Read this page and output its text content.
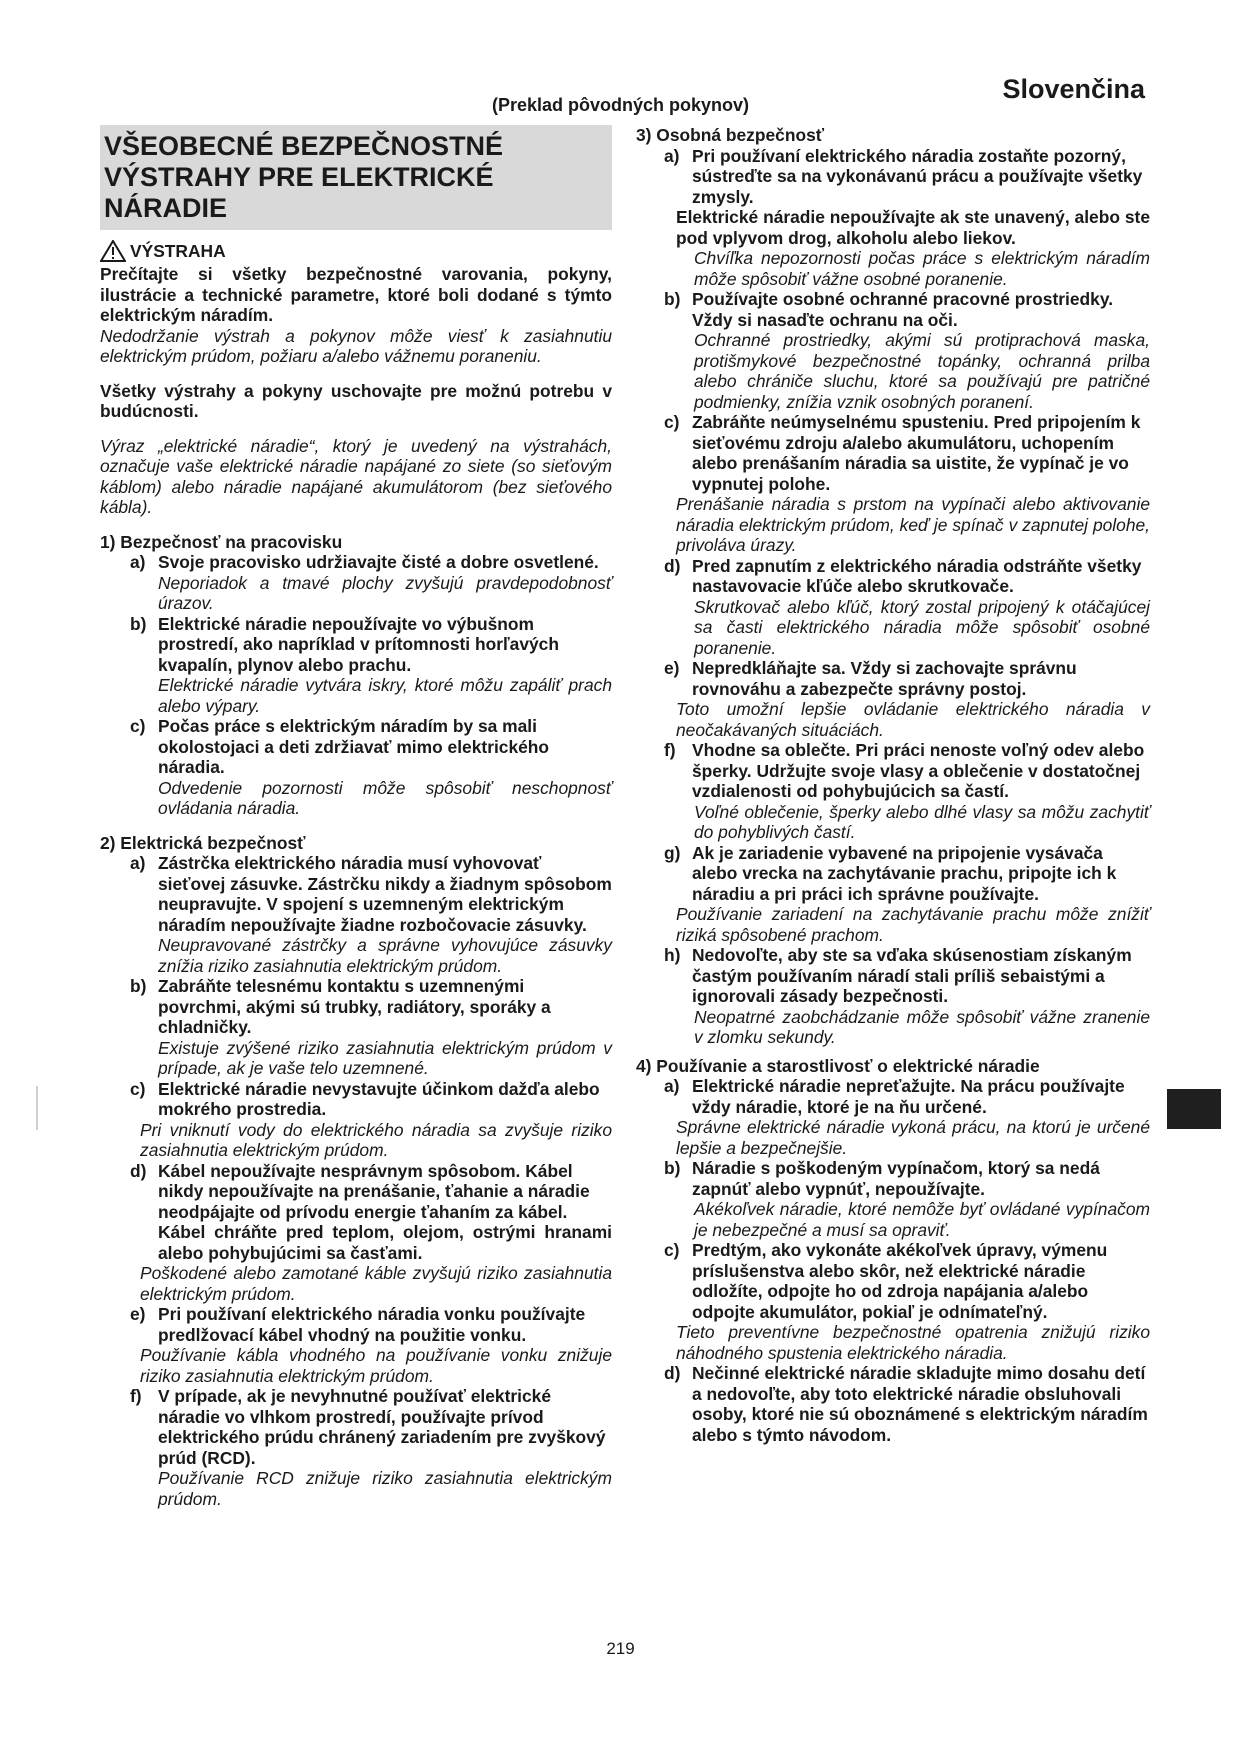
Slovenčina
(Preklad pôvodných pokynov)
VŠEOBECNÉ BEZPEČNOSTNÉ
VÝSTRAHY PRE ELEKTRICKÉ
NÁRADIE
VÝSTRAHA

Prečítajte si všetky bezpečnostné varovania, pokyny, ilustrácie a technické parametre, ktoré boli dodané s týmto elektrickým náradím.

Nedodržanie výstrah a pokynov môže viesť k zasiahnutiu elektrickým prúdom, požiaru a/alebo vážnemu poraneniu.

Všetky výstrahy a pokyny uschovajte pre možnú potrebu v budúcnosti.

Výraz „elektrické náradie“, ktorý je uvedený na výstrahách, označuje vaše elektrické náradie napájané zo siete (so sieťovým káblom) alebo náradie napájané akumulátorom (bez sieťového kábla).

1) Bezpečnosť na pracovisku
a) Svoje pracovisko udržiavajte čisté a dobre osvetlené.

Neporiadok a tmavé plochy zvyšujú pravdepodobnosť úrazov.

b) Elektrické náradie nepoužívajte vo výbušnom prostredí, ako napríklad v prítomnosti horľavých kvapalín, plynov alebo prachu.

Elektrické náradie vytvára iskry, ktoré môžu zapáliť prach alebo výpary.

c) Počas práce s elektrickým náradím by sa mali okolostojaci a deti zdržiavať mimo elektrického náradia.

Odvedenie pozornosti môže spôsobiť neschopnosť ovládania náradia.

2) Elektrická bezpečnosť
a) Zástrčka elektrického náradia musí vyhovovať sieťovej zásuvke. Zástrčku nikdy a žiadnym spôsobom neupravujte. V spojení s uzemneným elektrickým náradím nepoužívajte žiadne rozbočovacie zásuvky.

Neupravované zástrčky a správne vyhovujúce zásuvky znížia riziko zasiahnutia elektrickým prúdom.

b) Zabráňte telesnému kontaktu s uzemnenými povrchmi, akými sú trubky, radiátory, sporáky a chladničky.

Existuje zvýšené riziko zasiahnutia elektrickým prúdom v prípade, ak je vaše telo uzemnené.

c) Elektrické náradie nevystavujte účinkom dažďa alebo mokrého prostredia.

Pri vniknutí vody do elektrického náradia sa zvyšuje riziko zasiahnutia elektrickým prúdom.

d) Kábel nepoužívajte nesprávnym spôsobom. Kábel nikdy nepoužívajte na prenášanie, ťahanie a náradie neodpájajte od prívodu energie ťahaním za kábel.

Kábel chráňte pred teplom, olejom, ostrými hranami alebo pohybujúcimi sa časťami.

Poškodené alebo zamotané káble zvyšujú riziko zasiahnutia elektrickým prúdom.

e) Pri používaní elektrického náradia vonku používajte predlžovací kábel vhodný na použitie vonku.

Používanie kábla vhodného na používanie vonku znižuje riziko zasiahnutia elektrickým prúdom.

f) V prípade, ak je nevyhnutné používať elektrické náradie vo vlhkom prostredí, používajte prívod elektrického prúdu chránený zariadením pre zvyškový prúd (RCD).

Používanie RCD znižuje riziko zasiahnutia elektrickým prúdom.

3) Osobná bezpečnosť
a) Pri používaní elektrického náradia zostaňte pozorný, sústreďte sa na vykonávanú prácu a používajte všetky zmysly.

Elektrické náradie nepoužívajte ak ste unavený, alebo ste pod vplyvom drog, alkoholu alebo liekov.

Chvíľka nepozornosti počas práce s elektrickým náradím môže spôsobiť vážne osobné poranenie.

b) Používajte osobné ochranné pracovné prostriedky. Vždy si nasaďte ochranu na oči.

Ochranné prostriedky, akými sú protiprachová maska, protišmykové bezpečnostné topánky, ochranná prilba alebo chrániče sluchu, ktoré sa používajú pre patričné podmienky, znížia vznik osobných poranení.

c) Zabráňte neúmyselnému spusteniu. Pred pripojením k sieťovému zdroju a/alebo akumulátoru, uchopením alebo prenášaním náradia sa uistite, že vypínač je vo vypnutej polohe.

Prenášanie náradia s prstom na vypínači alebo aktivovanie náradia elektrickým prúdom, keď je spínač v zapnutej polohe, privoláva úrazy.

d) Pred zapnutím z elektrického náradia odstráňte všetky nastavovacie kľúče alebo skrutkovače.

Skrutkovač alebo kľúč, ktorý zostal pripojený k otáčajúcej sa časti elektrického náradia môže spôsobiť osobné poranenie.

e) Nepredkláňajte sa. Vždy si zachovajte správnu rovnováhu a zabezpečte správny postoj.

Toto umožní lepšie ovládanie elektrického náradia v neočakávaných situáciách.

f) Vhodne sa oblečte. Pri práci nenoste voľný odev alebo šperky. Udržujte svoje vlasy a oblečenie v dostatočnej vzdialenosti od pohybujúcich sa častí.

Voľné oblečenie, šperky alebo dlhé vlasy sa môžu zachytiť do pohyblivých častí.

g) Ak je zariadenie vybavené na pripojenie vysávača alebo vrecka na zachytávanie prachu, pripojte ich k náradiu a pri práci ich správne používajte.

Používanie zariadení na zachytávanie prachu môže znížiť riziká spôsobené prachom.

h) Nedovoľte, aby ste sa vďaka skúsenostiam získaným častým používaním náradí stali príliš sebaistými a ignorovali zásady bezpečnosti.

Neopatrné zaobchádzanie môže spôsobiť vážne zranenie v zlomku sekundy.

4) Používanie a starostlivosť o elektrické náradie
a) Elektrické náradie nepreťažujte. Na prácu používajte vždy náradie, ktoré je na ňu určené.

Správne elektrické náradie vykoná prácu, na ktorú je určené lepšie a bezpečnejšie.

b) Náradie s poškodeným vypínačom, ktorý sa nedá zapnúť alebo vypnúť, nepoužívajte.

Akékoľvek náradie, ktoré nemôže byť ovládané vypínačom je nebezpečné a musí sa opraviť.

c) Predtým, ako vykonáte akékoľvek úpravy, výmenu príslušenstva alebo skôr, než elektrické náradie odložíte, odpojte ho od zdroja napájania a/alebo odpojte akumulátor, pokiaľ je odnímateľný.

Tieto preventívne bezpečnostné opatrenia znižujú riziko náhodného spustenia elektrického náradia.

d) Nečinné elektrické náradie skladujte mimo dosahu detí a nedovoľte, aby toto elektrické náradie obsluhovali osoby, ktoré nie sú oboznámené s elektrickým náradím alebo s týmto návodom.
219
